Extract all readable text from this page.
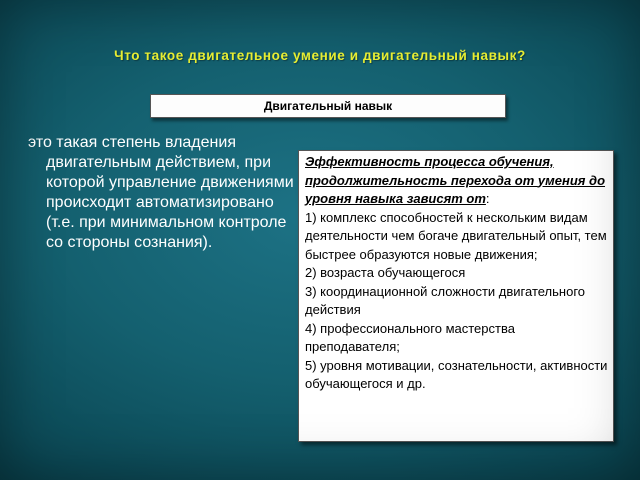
Что такое двигательное умение и двигательный навык?
Двигательный навык

это такая степень владения двигательным действием, при которой управление движениями происходит автоматизировано (т.е. при минимальном контроле со стороны сознания).

Эффективность процесса обучения, продолжительность перехода от умения до уровня навыка зависят от:
1) комплекс способностей к нескольким видам деятельности чем богаче двигательный опыт, тем быстрее образуются новые движения;
2) возраста обучающегося
3) координационной сложности двигательного действия
4) профессионального мастерства преподавателя;
5) уровня мотивации, сознательности, активности обучающегося и др.
